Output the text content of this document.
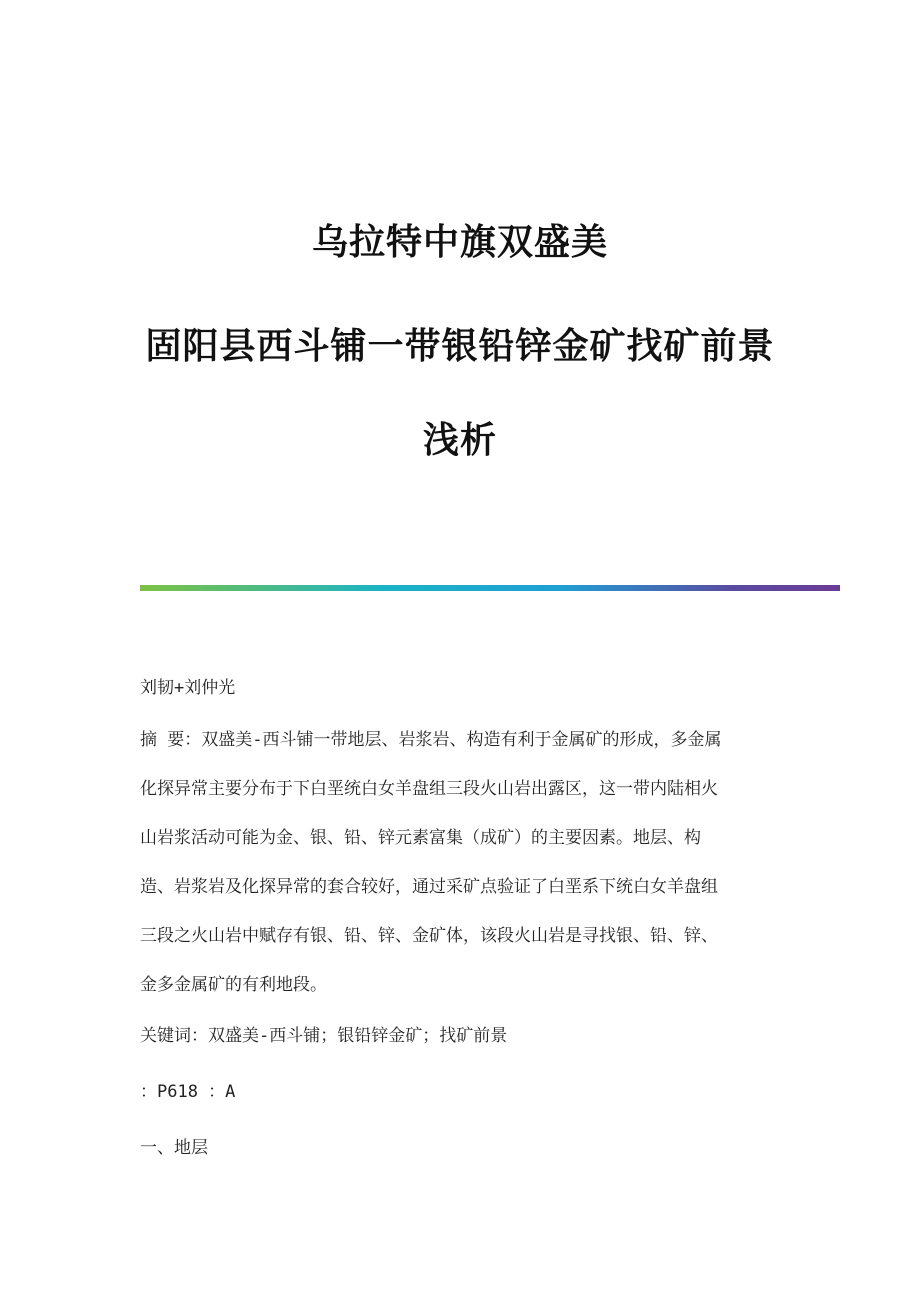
乌拉特中旗双盛美
固阳县西斗铺一带银铅锌金矿找矿前景
浅析
刘韧+刘仲光
摘 要：双盛美-西斗铺一带地层、岩浆岩、构造有利于金属矿的形成，多金属
化探异常主要分布于下白垩统白女羊盘组三段火山岩出露区，这一带内陆相火
山岩浆活动可能为金、银、铅、锌元素富集（成矿）的主要因素。地层、构
造、岩浆岩及化探异常的套合较好，通过采矿点验证了白垩系下统白女羊盘组
三段之火山岩中赋存有银、铅、锌、金矿体，该段火山岩是寻找银、铅、锌、
金多金属矿的有利地段。
关键词：双盛美-西斗铺；银铅锌金矿；找矿前景
：P618 ：A
一、地层
